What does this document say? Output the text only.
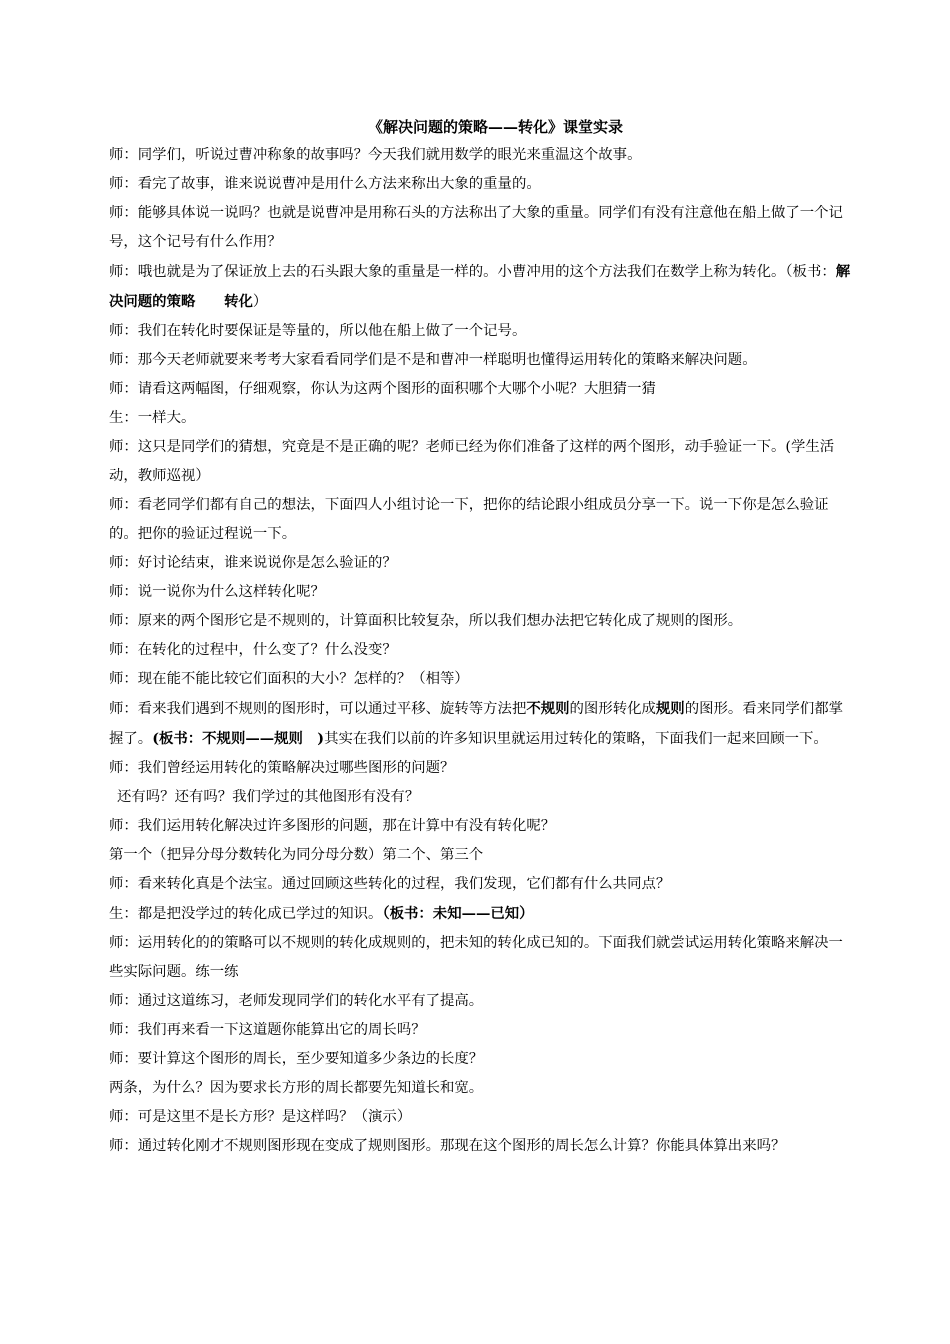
《解决问题的策略——转化》课堂实录
师：同学们，听说过曹冲称象的故事吗？今天我们就用数学的眼光来重温这个故事。
师：看完了故事，谁来说说曹冲是用什么方法来称出大象的重量的。
师：能够具体说一说吗？也就是说曹冲是用称石头的方法称出了大象的重量。同学们有没有注意他在船上做了一个记号，这个记号有什么作用？
师：哦也就是为了保证放上去的石头跟大象的重量是一样的。小曹冲用的这个方法我们在数学上称为转化。（板书：解决问题的策略　　转化）
师：我们在转化时要保证是等量的，所以他在船上做了一个记号。
师：那今天老师就要来考考大家看看同学们是不是和曹冲一样聪明也懂得运用转化的策略来解决问题。
师：请看这两幅图，仔细观察，你认为这两个图形的面积哪个大哪个小呢？大胆猜一猜
生：一样大。
师：这只是同学们的猜想，究竟是不是正确的呢？老师已经为你们准备了这样的两个图形，动手验证一下。(学生活动，教师巡视）
师：看老同学们都有自己的想法，下面四人小组讨论一下，把你的结论跟小组成员分享一下。说一下你是怎么验证的。把你的验证过程说一下。
师：好讨论结束，谁来说说你是怎么验证的？
师：说一说你为什么这样转化呢？
师：原来的两个图形它是不规则的，计算面积比较复杂，所以我们想办法把它转化成了规则的图形。
师：在转化的过程中，什么变了？什么没变？
师：现在能不能比较它们面积的大小？怎样的？（相等）
师：看来我们遇到不规则的图形时，可以通过平移、旋转等方法把不规则的图形转化成规则的图形。看来同学们都掌握了。(板书：不规则——规则　)其实在我们以前的许多知识里就运用过转化的策略，下面我们一起来回顾一下。
师：我们曾经运用转化的策略解决过哪些图形的问题？
还有吗？还有吗？我们学过的其他图形有没有？
师：我们运用转化解决过许多图形的问题，那在计算中有没有转化呢？
第一个（把异分母分数转化为同分母分数）第二个、第三个
师：看来转化真是个法宝。通过回顾这些转化的过程，我们发现，它们都有什么共同点？
生：都是把没学过的转化成已学过的知识。（板书：未知——已知）
师：运用转化的的策略可以不规则的转化成规则的，把未知的转化成已知的。下面我们就尝试运用转化策略来解决一些实际问题。练一练
师：通过这道练习，老师发现同学们的转化水平有了提高。
师：我们再来看一下这道题你能算出它的周长吗？
师：要计算这个图形的周长，至少要知道多少条边的长度？
两条，为什么？因为要求长方形的周长都要先知道长和宽。
师：可是这里不是长方形？是这样吗？（演示）
师：通过转化刚才不规则图形现在变成了规则图形。那现在这个图形的周长怎么计算？你能具体算出来吗？
